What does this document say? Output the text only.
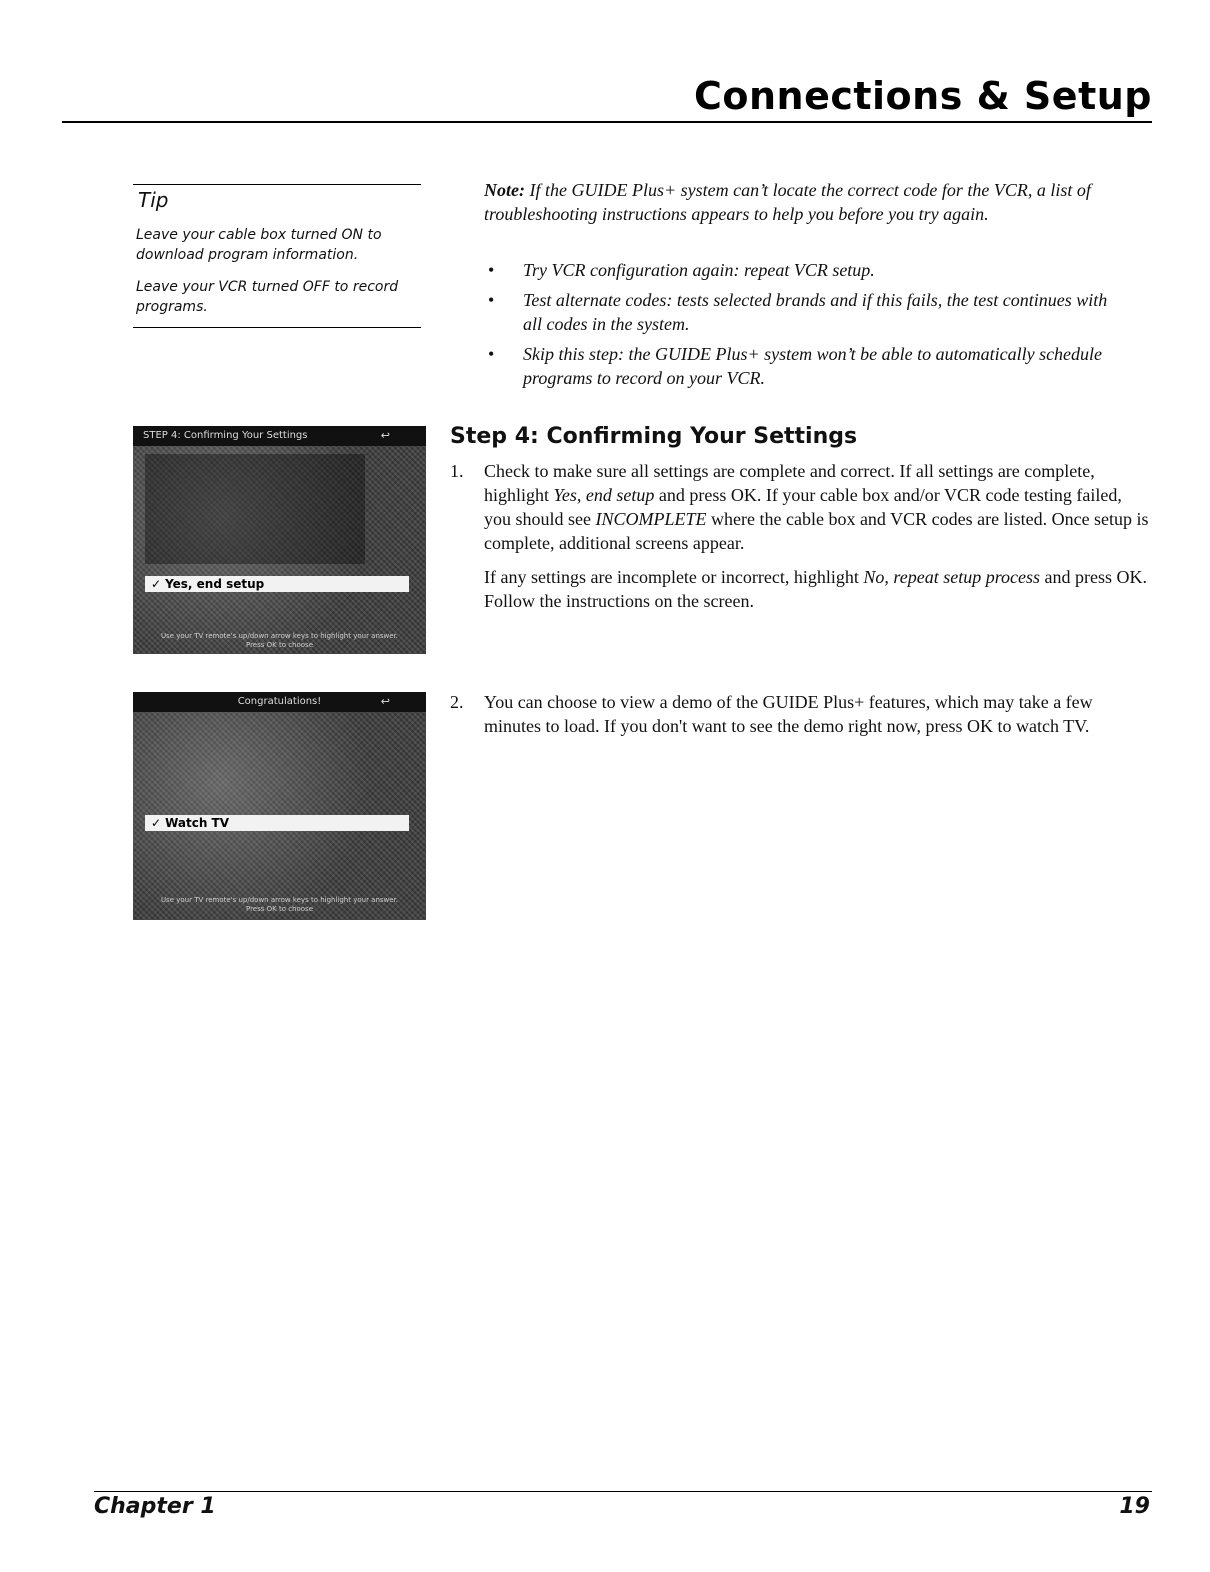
Connections & Setup
Tip
Leave your cable box turned ON to download program information.
Leave your VCR turned OFF to record programs.
Note: If the GUIDE Plus+ system can’t locate the correct code for the VCR, a list of troubleshooting instructions appears to help you before you try again.
• Try VCR configuration again: repeat VCR setup.
• Test alternate codes: tests selected brands and if this fails, the test continues with all codes in the system.
• Skip this step: the GUIDE Plus+ system won’t be able to automatically schedule programs to record on your VCR.
Step 4: Confirming Your Settings
1. Check to make sure all settings are complete and correct. If all settings are complete, highlight Yes, end setup and press OK. If your cable box and/or VCR code testing failed, you should see INCOMPLETE where the cable box and VCR codes are listed. Once setup is complete, additional screens appear.
If any settings are incomplete or incorrect, highlight No, repeat setup process and press OK. Follow the instructions on the screen.
2. You can choose to view a demo of the GUIDE Plus+ features, which may take a few minutes to load. If you don't want to see the demo right now, press OK to watch TV.
STEP 4: Confirming Your Settings	↩
✓ Yes, end setup
Use your TV remote's up/down arrow keys to highlight your answer.
Press OK to choose
Congratulations!	↩
✓ Watch TV
Use your TV remote's up/down arrow keys to highlight your answer.
Press OK to choose
Chapter 1	19
